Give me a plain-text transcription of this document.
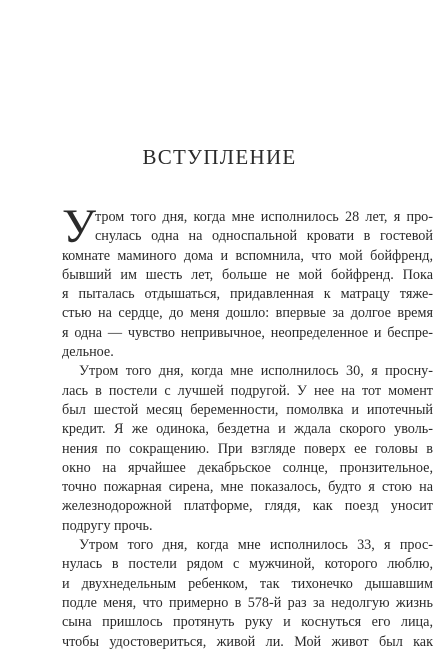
ВСТУПЛЕНИЕ
У тром того дня, когда мне исполнилось 28 лет, я про-
снулась одна на односпальной кровати в гостевой
комнате маминого дома и вспомнила, что мой бойфренд,
бывший им шесть лет, больше не мой бойфренд. Пока
я пыталась отдышаться, придавленная к матрацу тяже-
стью на сердце, до меня дошло: впервые за долгое время
я одна — чувство непривычное, неопределенное и беспре-
дельное.
Утром того дня, когда мне исполнилось 30, я просну-
лась в постели с лучшей подругой. У нее на тот момент
был шестой месяц беременности, помолвка и ипотечный
кредит. Я же одинока, бездетна и ждала скорого уволь-
нения по сокращению. При взгляде поверх ее головы в
окно на ярчайшее декабрьское солнце, пронзительное,
точно пожарная сирена, мне показалось, будто я стою на
железнодорожной платформе, глядя, как поезд уносит
подругу прочь.
Утром того дня, когда мне исполнилось 33, я прос-
нулась в постели рядом с мужчиной, которого люблю,
и двухнедельным ребенком, так тихонечко дышавшим
подле меня, что примерно в 578-й раз за недолгую жизнь
сына пришлось протянуть руку и коснуться его лица,
чтобы удостовериться, живой ли. Мой живот был как
